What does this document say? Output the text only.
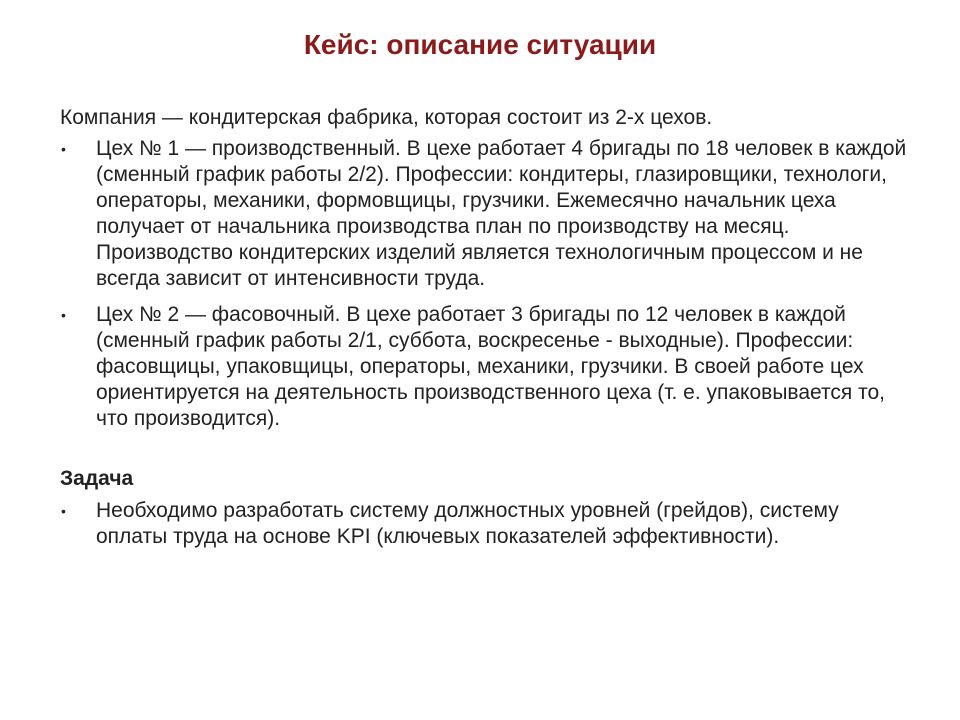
Кейс: описание ситуации

Компания — кондитерская фабрика, которая состоит из 2-х цехов.

• Цех № 1 — производственный. В цехе работает 4 бригады по 18 человек в каждой (сменный график работы 2/2). Профессии: кондитеры, глазировщики, технологи, операторы, механики, формовщицы, грузчики. Ежемесячно начальник цеха получает от начальника производства план по производству на месяц. Производство кондитерских изделий является технологичным процессом и не всегда зависит от интенсивности труда.
• Цех № 2 — фасовочный. В цехе работает 3 бригады по 12 человек в каждой (сменный график работы 2/1, суббота, воскресенье - выходные). Профессии: фасовщицы, упаковщицы, операторы, механики, грузчики. В своей работе цех ориентируется на деятельность производственного цеха (т. е. упаковывается то, что производится).

Задача

• Необходимо разработать систему должностных уровней (грейдов), систему оплаты труда на основе KPI (ключевых показателей эффективности).
